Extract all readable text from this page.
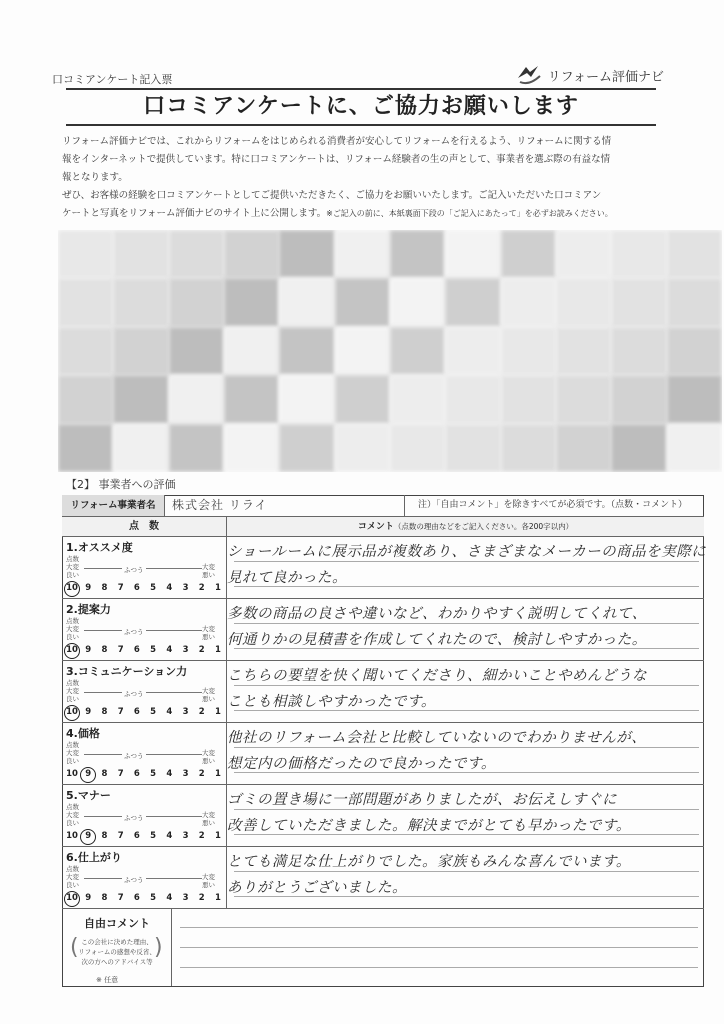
口コミアンケート記入票	リフォーム評価ナビ
口コミアンケートに、ご協力お願いします

リフォーム評価ナビでは、これからリフォームをはじめられる消費者が安心してリフォームを行えるよう、リフォームに関する情

報をインターネットで提供しています。特に口コミアンケートは、リフォーム経験者の生の声として、事業者を選ぶ際の有益な情

報となります。

ぜひ、お客様の経験を口コミアンケートとしてご提供いただきたく、ご協力をお願いいたします。ご記入いただいた口コミアン

ケートと写真をリフォーム評価ナビのサイト上に公開します。※ご記入の前に、本紙裏面下段の「ご記入にあたって」を必ずお読みください。

【2】 事業者への評価
リフォーム事業者名	株式会社 リライ	注）「自由コメント」を除きすべてが必須です。（点数・コメント）
点　数	コメント（点数の理由などをご記入ください。各200字以内）
1.オススメ度
点数
大変
良い
ふつう	大変
悪い
10 9	8	7	6	5	4	3	2	1
ショールームに展示品が複数あり、さまざまなメーカーの商品を実際に
見れて良かった。
2.提案力
点数
大変
良い
ふつう	大変
悪い
10 9	8	7	6	5	4	3	2	1
多数の商品の良さや違いなど、わかりやすく説明してくれて、
何通りかの見積書を作成してくれたので、検討しやすかった。
3.コミュニケーション力
点数
大変
良い
ふつう	大変
悪い
10 9	8	7	6	5	4	3	2	1
こちらの要望を快く聞いてくださり、細かいことやめんどうな
ことも相談しやすかったです。
4.価格
点数
大変
良い
ふつう	大変
悪い
10 9	8	7	6	5	4	3	2	1
他社のリフォーム会社と比較していないのでわかりませんが、
想定内の価格だったので良かったです。
5.マナー
点数
大変
良い
ふつう	大変
悪い
10 9	8	7	6	5	4	3	2	1
ゴミの置き場に一部問題がありましたが、お伝えしすぐに
改善していただきました。解決までがとても早かったです。
6.仕上がり
点数
大変
良い
ふつう	大変
悪い
10 9	8	7	6	5	4	3	2	1
とても満足な仕上がりでした。家族もみんな喜んでいます。
ありがとうございました。
自由コメント
( この会社に決めた理由、
リフォームの感想や反省、
次の方へのアドバイス等
)
※ 任意
